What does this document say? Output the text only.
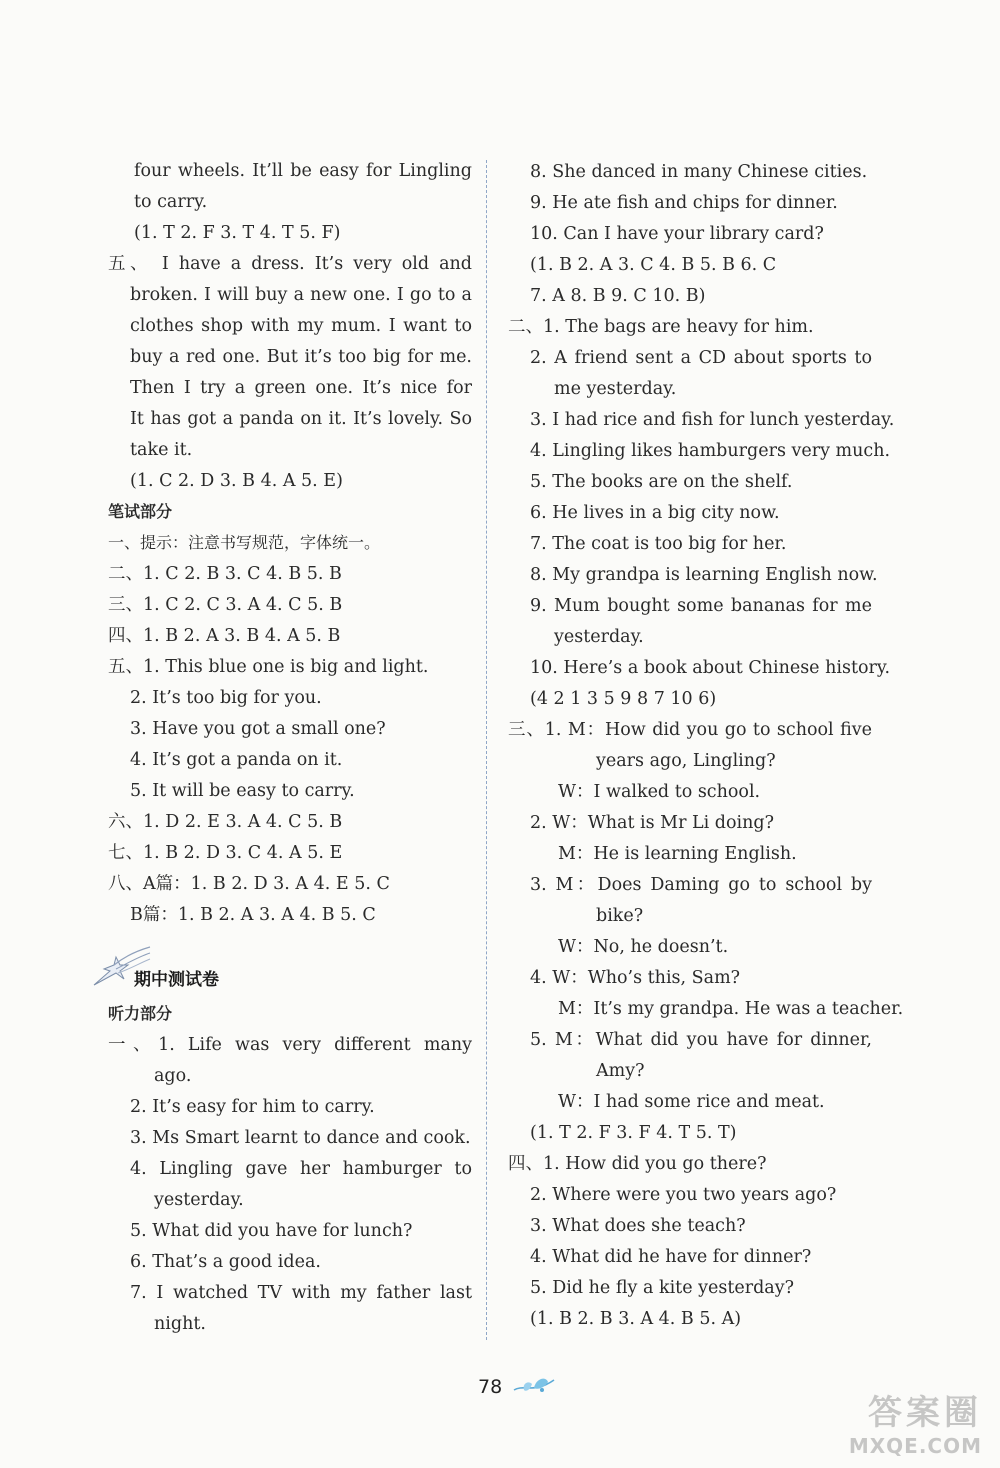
four wheels. It’ll be easy for Lingling
to carry.
(1. T 2. F 3. T 4. T 5. F)
五、 I have a dress. It’s very old and
broken. I will buy a new one. I go to a
clothes shop with my mum. I want to
buy a red one. But it’s too big for me.
Then I try a green one. It’s nice for
It has got a panda on it. It’s lovely. So
take it.
(1. C 2. D 3. B 4. A 5. E)
笔试部分
一、提示：注意书写规范，字体统一。
二、1. C 2. B 3. C 4. B 5. B
三、1. C 2. C 3. A 4. C 5. B
四、1. B 2. A 3. B 4. A 5. B
五、1. This blue one is big and light.
2. It’s too big for you.
3. Have you got a small one?
4. It’s got a panda on it.
5. It will be easy to carry.
六、1. D 2. E 3. A 4. C 5. B
七、1. B 2. D 3. C 4. A 5. E
八、A篇：1. B 2. D 3. A 4. E 5. C
B篇：1. B 2. A 3. A 4. B 5. C
期中测试卷
听力部分
一、1. Life was very different many
ago.
2. It’s easy for him to carry.
3. Ms Smart learnt to dance and cook.
4. Lingling gave her hamburger to
yesterday.
5. What did you have for lunch?
6. That’s a good idea.
7. I watched TV with my father last
night.
8. She danced in many Chinese cities.
9. He ate fish and chips for dinner.
10. Can I have your library card?
(1. B 2. A 3. C 4. B 5. B 6. C
7. A 8. B 9. C 10. B)
二、1. The bags are heavy for him.
2. A friend sent a CD about sports to
me yesterday.
3. I had rice and fish for lunch yesterday.
4. Lingling likes hamburgers very much.
5. The books are on the shelf.
6. He lives in a big city now.
7. The coat is too big for her.
8. My grandpa is learning English now.
9. Mum bought some bananas for me
yesterday.
10. Here’s a book about Chinese history.
(4 2 1 3 5 9 8 7 10 6)
三、1. M：How did you go to school five
years ago, Lingling?
W：I walked to school.
2. W：What is Mr Li doing?
M：He is learning English.
3. M：Does Daming go to school by
bike?
W：No, he doesn’t.
4. W：Who’s this, Sam?
M：It’s my grandpa. He was a teacher.
5. M：What did you have for dinner,
Amy?
W：I had some rice and meat.
(1. T 2. F 3. F 4. T 5. T)
四、1. How did you go there?
2. Where were you two years ago?
3. What does she teach?
4. What did he have for dinner?
5. Did he fly a kite yesterday?
(1. B 2. B 3. A 4. B 5. A)
78
答案圈
MXQE.COM
